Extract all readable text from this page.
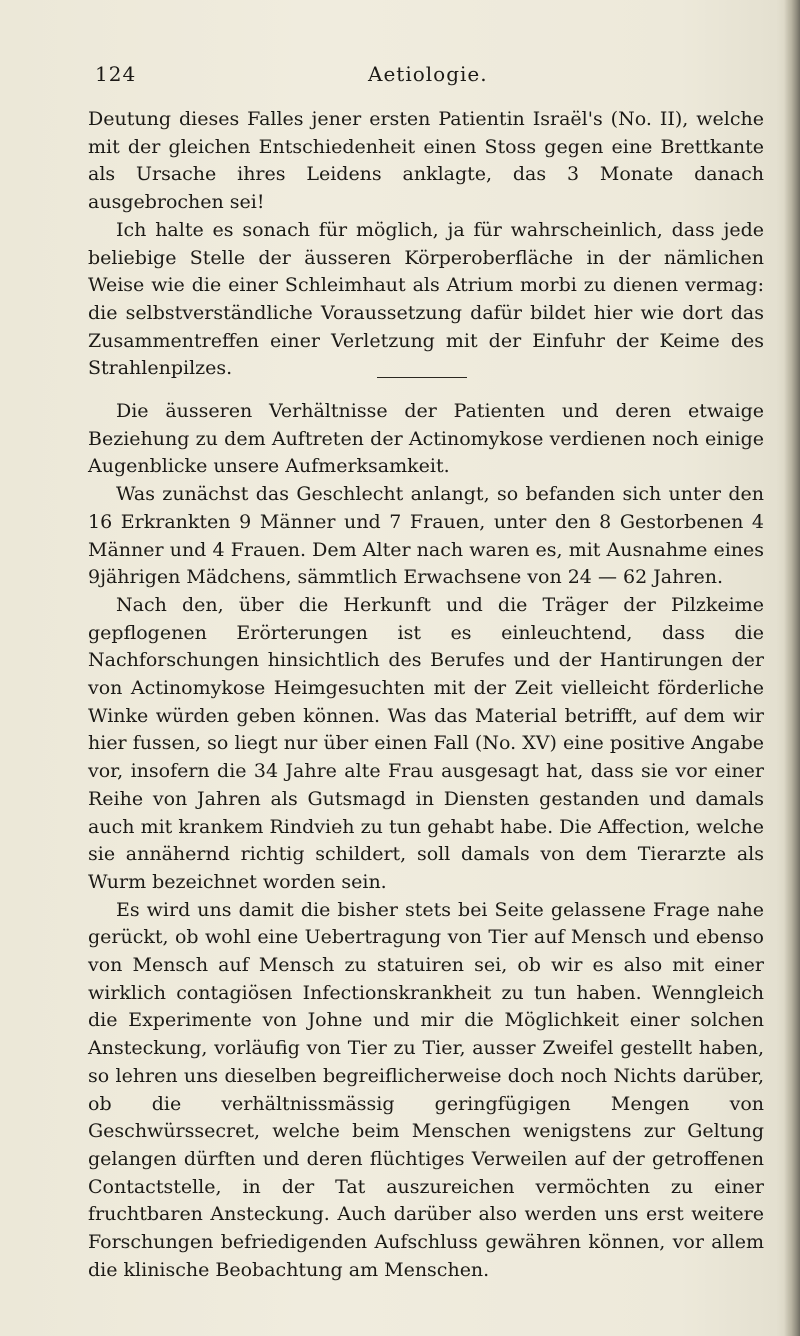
124	Aetiologie.

Deutung dieses Falles jener ersten Patientin Israël's (No. II), welche mit der gleichen Entschiedenheit einen Stoss gegen eine Brettkante als Ursache ihres Leidens anklagte, das 3 Monate danach ausgebrochen sei!

Ich halte es sonach für möglich, ja für wahrscheinlich, dass jede beliebige Stelle der äusseren Körperoberfläche in der nämlichen Weise wie die einer Schleimhaut als Atrium morbi zu dienen vermag: die selbstverständliche Voraussetzung dafür bildet hier wie dort das Zusammentreffen einer Verletzung mit der Einfuhr der Keime des Strahlenpilzes.

Die äusseren Verhältnisse der Patienten und deren etwaige Beziehung zu dem Auftreten der Actinomykose verdienen noch einige Augenblicke unsere Aufmerksamkeit.

Was zunächst das Geschlecht anlangt, so befanden sich unter den 16 Erkrankten 9 Männer und 7 Frauen, unter den 8 Gestorbenen 4 Männer und 4 Frauen. Dem Alter nach waren es, mit Ausnahme eines 9jährigen Mädchens, sämmtlich Erwachsene von 24 — 62 Jahren.

Nach den, über die Herkunft und die Träger der Pilzkeime gepflogenen Erörterungen ist es einleuchtend, dass die Nachforschungen hinsichtlich des Berufes und der Hantirungen der von Actinomykose Heimgesuchten mit der Zeit vielleicht förderliche Winke würden geben können. Was das Material betrifft, auf dem wir hier fussen, so liegt nur über einen Fall (No. XV) eine positive Angabe vor, insofern die 34 Jahre alte Frau ausgesagt hat, dass sie vor einer Reihe von Jahren als Gutsmagd in Diensten gestanden und damals auch mit krankem Rindvieh zu tun gehabt habe. Die Affection, welche sie annähernd richtig schildert, soll damals von dem Tierarzte als Wurm bezeichnet worden sein.

Es wird uns damit die bisher stets bei Seite gelassene Frage nahe gerückt, ob wohl eine Uebertragung von Tier auf Mensch und ebenso von Mensch auf Mensch zu statuiren sei, ob wir es also mit einer wirklich contagiösen Infectionskrankheit zu tun haben. Wenngleich die Experimente von Johne und mir die Möglichkeit einer solchen Ansteckung, vorläufig von Tier zu Tier, ausser Zweifel gestellt haben, so lehren uns dieselben begreiflicherweise doch noch Nichts darüber, ob die verhältnissmässig geringfügigen Mengen von Geschwürssecret, welche beim Menschen wenigstens zur Geltung gelangen dürften und deren flüchtiges Verweilen auf der getroffenen Contactstelle, in der Tat auszureichen vermöchten zu einer fruchtbaren Ansteckung. Auch darüber also werden uns erst weitere Forschungen befriedigenden Aufschluss gewähren können, vor allem die klinische Beobachtung am Menschen.
